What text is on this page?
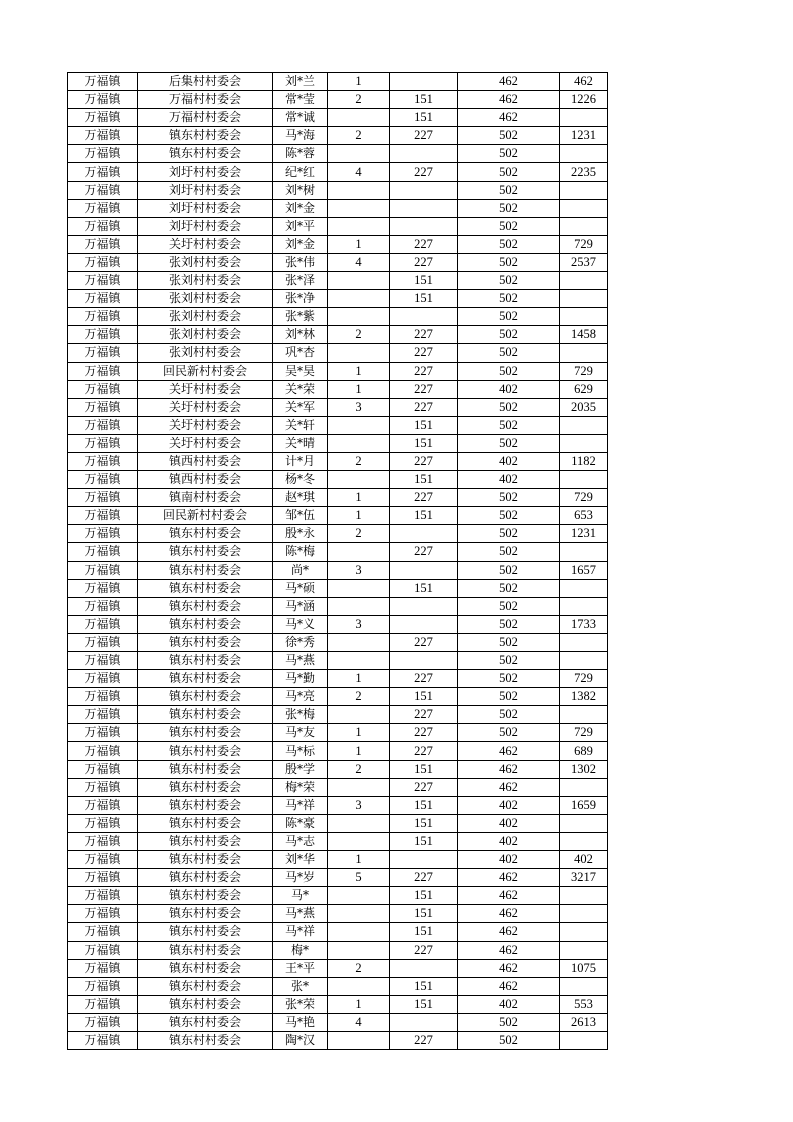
万福镇	后集村村委会	刘*兰	1		462	462
万福镇	万福村村委会	常*莹	2	151	462	1226
万福镇	万福村村委会	常*诚		151	462	
万福镇	镇东村村委会	马*海	2	227	502	1231
万福镇	镇东村村委会	陈*蓉			502	
万福镇	刘圩村村委会	纪*红	4	227	502	2235
万福镇	刘圩村村委会	刘*树			502	
万福镇	刘圩村村委会	刘*金			502	
万福镇	刘圩村村委会	刘*平			502	
万福镇	关圩村村委会	刘*金	1	227	502	729
万福镇	张刘村村委会	张*伟	4	227	502	2537
万福镇	张刘村村委会	张*泽		151	502	
万福镇	张刘村村委会	张*净		151	502	
万福镇	张刘村村委会	张*紫			502	
万福镇	张刘村村委会	刘*林	2	227	502	1458
万福镇	张刘村村委会	巩*杏		227	502	
万福镇	回民新村村委会	吴*昊	1	227	502	729
万福镇	关圩村村委会	关*荣	1	227	402	629
万福镇	关圩村村委会	关*军	3	227	502	2035
万福镇	关圩村村委会	关*轩		151	502	
万福镇	关圩村村委会	关*晴		151	502	
万福镇	镇西村村委会	计*月	2	227	402	1182
万福镇	镇西村村委会	杨*冬		151	402	
万福镇	镇南村村委会	赵*琪	1	227	502	729
万福镇	回民新村村委会	邹*伍	1	151	502	653
万福镇	镇东村村委会	殷*永	2		502	1231
万福镇	镇东村村委会	陈*梅		227	502	
万福镇	镇东村村委会	尚*	3		502	1657
万福镇	镇东村村委会	马*硕		151	502	
万福镇	镇东村村委会	马*涵			502	
万福镇	镇东村村委会	马*义	3		502	1733
万福镇	镇东村村委会	徐*秀		227	502	
万福镇	镇东村村委会	马*燕			502	
万福镇	镇东村村委会	马*勤	1	227	502	729
万福镇	镇东村村委会	马*亮	2	151	502	1382
万福镇	镇东村村委会	张*梅		227	502	
万福镇	镇东村村委会	马*友	1	227	502	729
万福镇	镇东村村委会	马*标	1	227	462	689
万福镇	镇东村村委会	殷*学	2	151	462	1302
万福镇	镇东村村委会	梅*荣		227	462	
万福镇	镇东村村委会	马*祥	3	151	402	1659
万福镇	镇东村村委会	陈*豪		151	402	
万福镇	镇东村村委会	马*志		151	402	
万福镇	镇东村村委会	刘*华	1		402	402
万福镇	镇东村村委会	马*岁	5	227	462	3217
万福镇	镇东村村委会	马*		151	462	
万福镇	镇东村村委会	马*燕		151	462	
万福镇	镇东村村委会	马*祥		151	462	
万福镇	镇东村村委会	梅*		227	462	
万福镇	镇东村村委会	王*平	2		462	1075
万福镇	镇东村村委会	张*		151	462	
万福镇	镇东村村委会	张*荣	1	151	402	553
万福镇	镇东村村委会	马*艳	4		502	2613
万福镇	镇东村村委会	陶*汉		227	502	
